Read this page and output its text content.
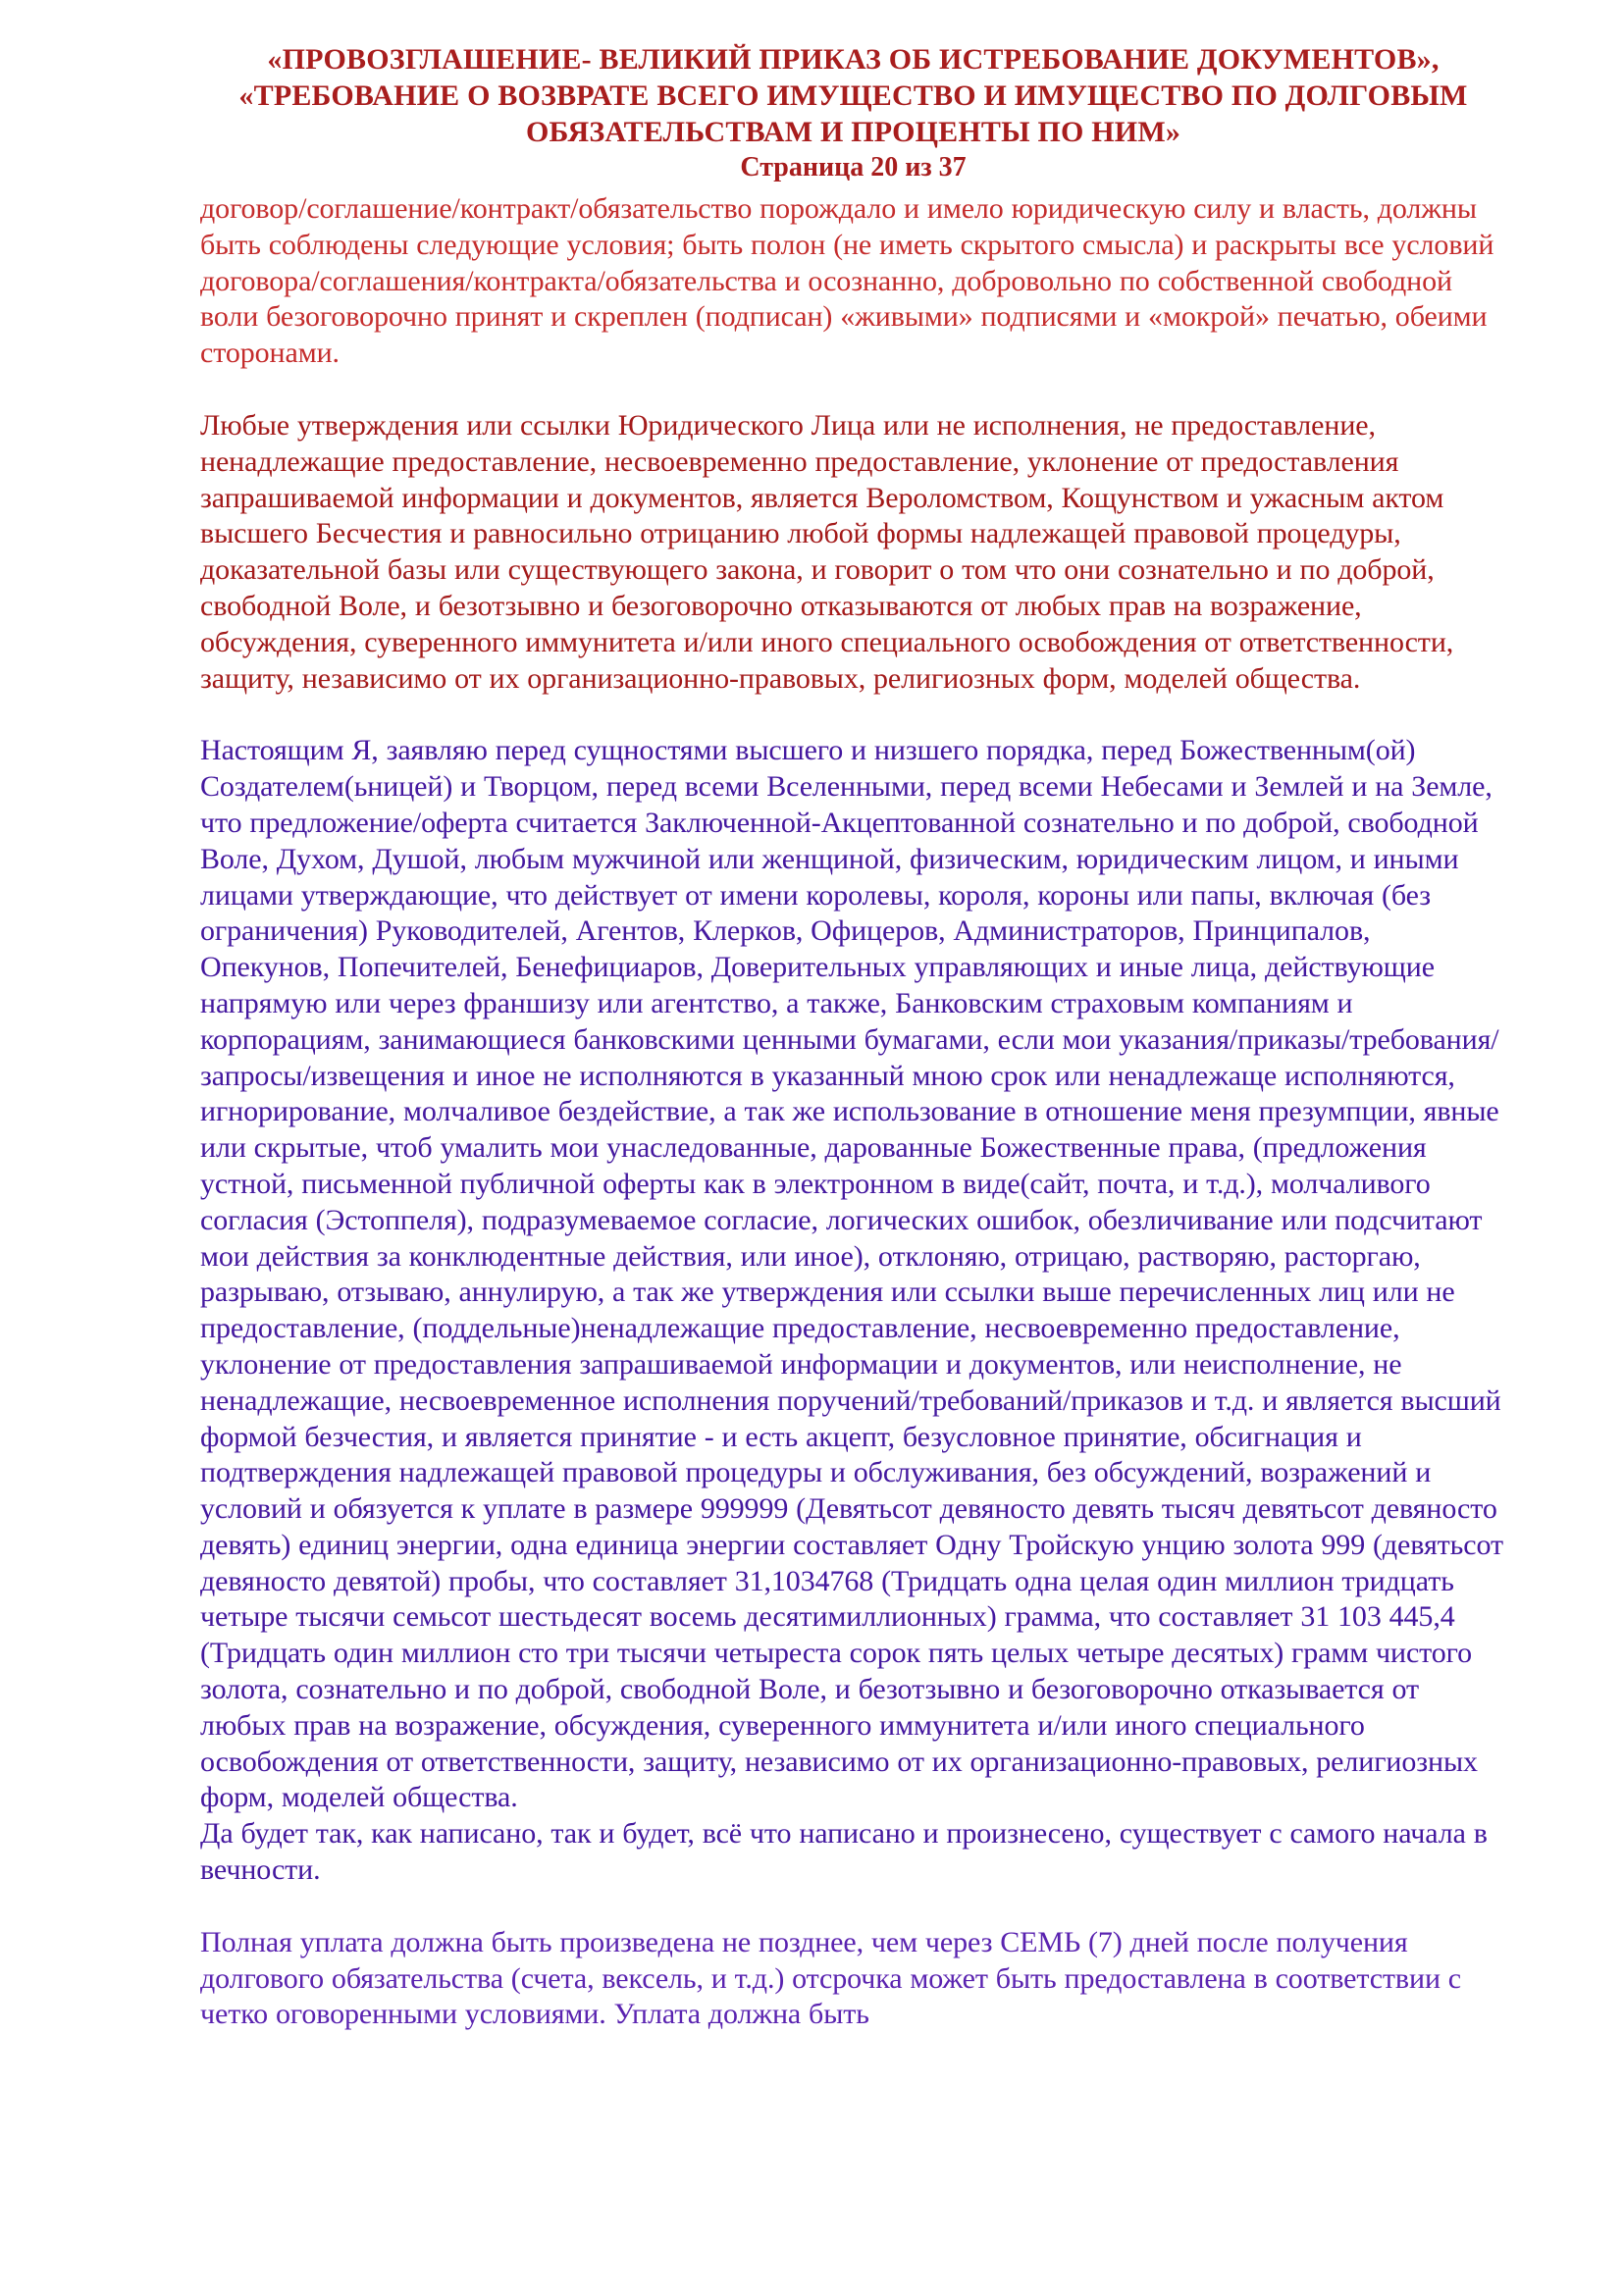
«ПРОВОЗГЛАШЕНИЕ- ВЕЛИКИЙ ПРИКАЗ ОБ ИСТРЕБОВАНИЕ ДОКУМЕНТОВ», «ТРЕБОВАНИЕ О ВОЗВРАТЕ ВСЕГО ИМУЩЕСТВО И ИМУЩЕСТВО ПО ДОЛГОВЫМ ОБЯЗАТЕЛЬСТВАМ И ПРОЦЕНТЫ ПО НИМ»
Страница 20 из 37

договор/соглашение/контракт/обязательство порождало и имело юридическую силу и власть, должны быть соблюдены следующие условия; быть полон (не иметь скрытого смысла) и раскрыты все условий договора/соглашения/контракта/обязательства и осознанно, добровольно по собственной свободной воли безоговорочно принят и скреплен (подписан) «живыми» подписями и «мокрой» печатью, обеими сторонами.

Любые утверждения или ссылки Юридического Лица или не исполнения, не предоставление, ненадлежащие предоставление, несвоевременно предоставление, уклонение от предоставления запрашиваемой информации и документов, является Вероломством, Кощунством и ужасным актом высшего Бесчестия и равносильно отрицанию любой формы надлежащей правовой процедуры, доказательной базы или существующего закона, и говорит о том что они сознательно и по доброй, свободной Воле, и безотзывно и безоговорочно отказываются от любых прав на возражение, обсуждения, суверенного иммунитета и/или иного специального освобождения от ответственности, защиту, независимо от их организационно-правовых, религиозных форм, моделей общества.

Настоящим Я, заявляю перед сущностями высшего и низшего порядка, перед Божественным(ой) Создателем(ьницей) и Творцом, перед всеми Вселенными, перед всеми Небесами и Землей и на Земле, что предложение/оферта считается Заключенной-Акцептованной сознательно и по доброй, свободной Воле, Духом, Душой, любым мужчиной или женщиной, физическим, юридическим лицом, и иными лицами утверждающие, что действует от имени королевы, короля, короны или папы, включая (без ограничения) Руководителей, Агентов, Клерков, Офицеров, Администраторов, Принципалов, Опекунов, Попечителей, Бенефициаров, Доверительных управляющих и иные лица, действующие напрямую или через франшизу или агентство, а также, Банковским страховым компаниям и корпорациям, занимающиеся банковскими ценными бумагами, если мои указания/приказы/требования/запросы/извещения и иное не исполняются в указанный мною срок или ненадлежаще исполняются, игнорирование, молчаливое бездействие, а так же использование в отношение меня презумпции, явные или скрытые, чтоб умалить мои унаследованные, дарованные Божественные права, (предложения устной, письменной публичной оферты как в электронном в виде(сайт, почта, и т.д.), молчаливого согласия (Эстоппеля), подразумеваемое согласие, логических ошибок, обезличивание или подсчитают мои действия за конклюдентные действия, или иное), отклоняю, отрицаю, растворяю, расторгаю, разрываю, отзываю, аннулирую, а так же утверждения или ссылки выше перечисленных лиц или не предоставление, (поддельные)ненадлежащие предоставление, несвоевременно предоставление, уклонение от предоставления запрашиваемой информации и документов, или неисполнение, не ненадлежащие, несвоевременное исполнения поручений/требований/приказов и т.д. и является высший формой безчестия, и является принятие - и есть акцепт, безусловное принятие, обсигнация и подтверждения надлежащей правовой процедуры и обслуживания, без обсуждений, возражений и условий и обязуется к уплате в размере 999999 (Девятьсот девяносто девять тысяч девятьсот девяносто девять) единиц энергии, одна единица энергии составляет Одну Тройскую унцию золота 999 (девятьсот девяносто девятой) пробы, что составляет 31,1034768 (Тридцать одна целая один миллион тридцать четыре тысячи семьсот шестьдесят восемь десятимиллионных) грамма, что составляет 31 103 445,4 (Тридцать один миллион сто три тысячи четыреста сорок пять целых четыре десятых) грамм чистого золота, сознательно и по доброй, свободной Воле, и безотзывно и безоговорочно отказывается от любых прав на возражение, обсуждения, суверенного иммунитета и/или иного специального освобождения от ответственности, защиту, независимо от их организационно-правовых, религиозных форм, моделей общества.

Да будет так, как написано, так и будет, всё что написано и произнесено, существует с самого начала в вечности.

Полная уплата должна быть произведена не позднее, чем через СЕМЬ (7) дней после получения долгового обязательства (счета, вексель, и т.д.) отсрочка может быть предоставлена в соответствии с четко оговоренными условиями. Уплата должна быть
